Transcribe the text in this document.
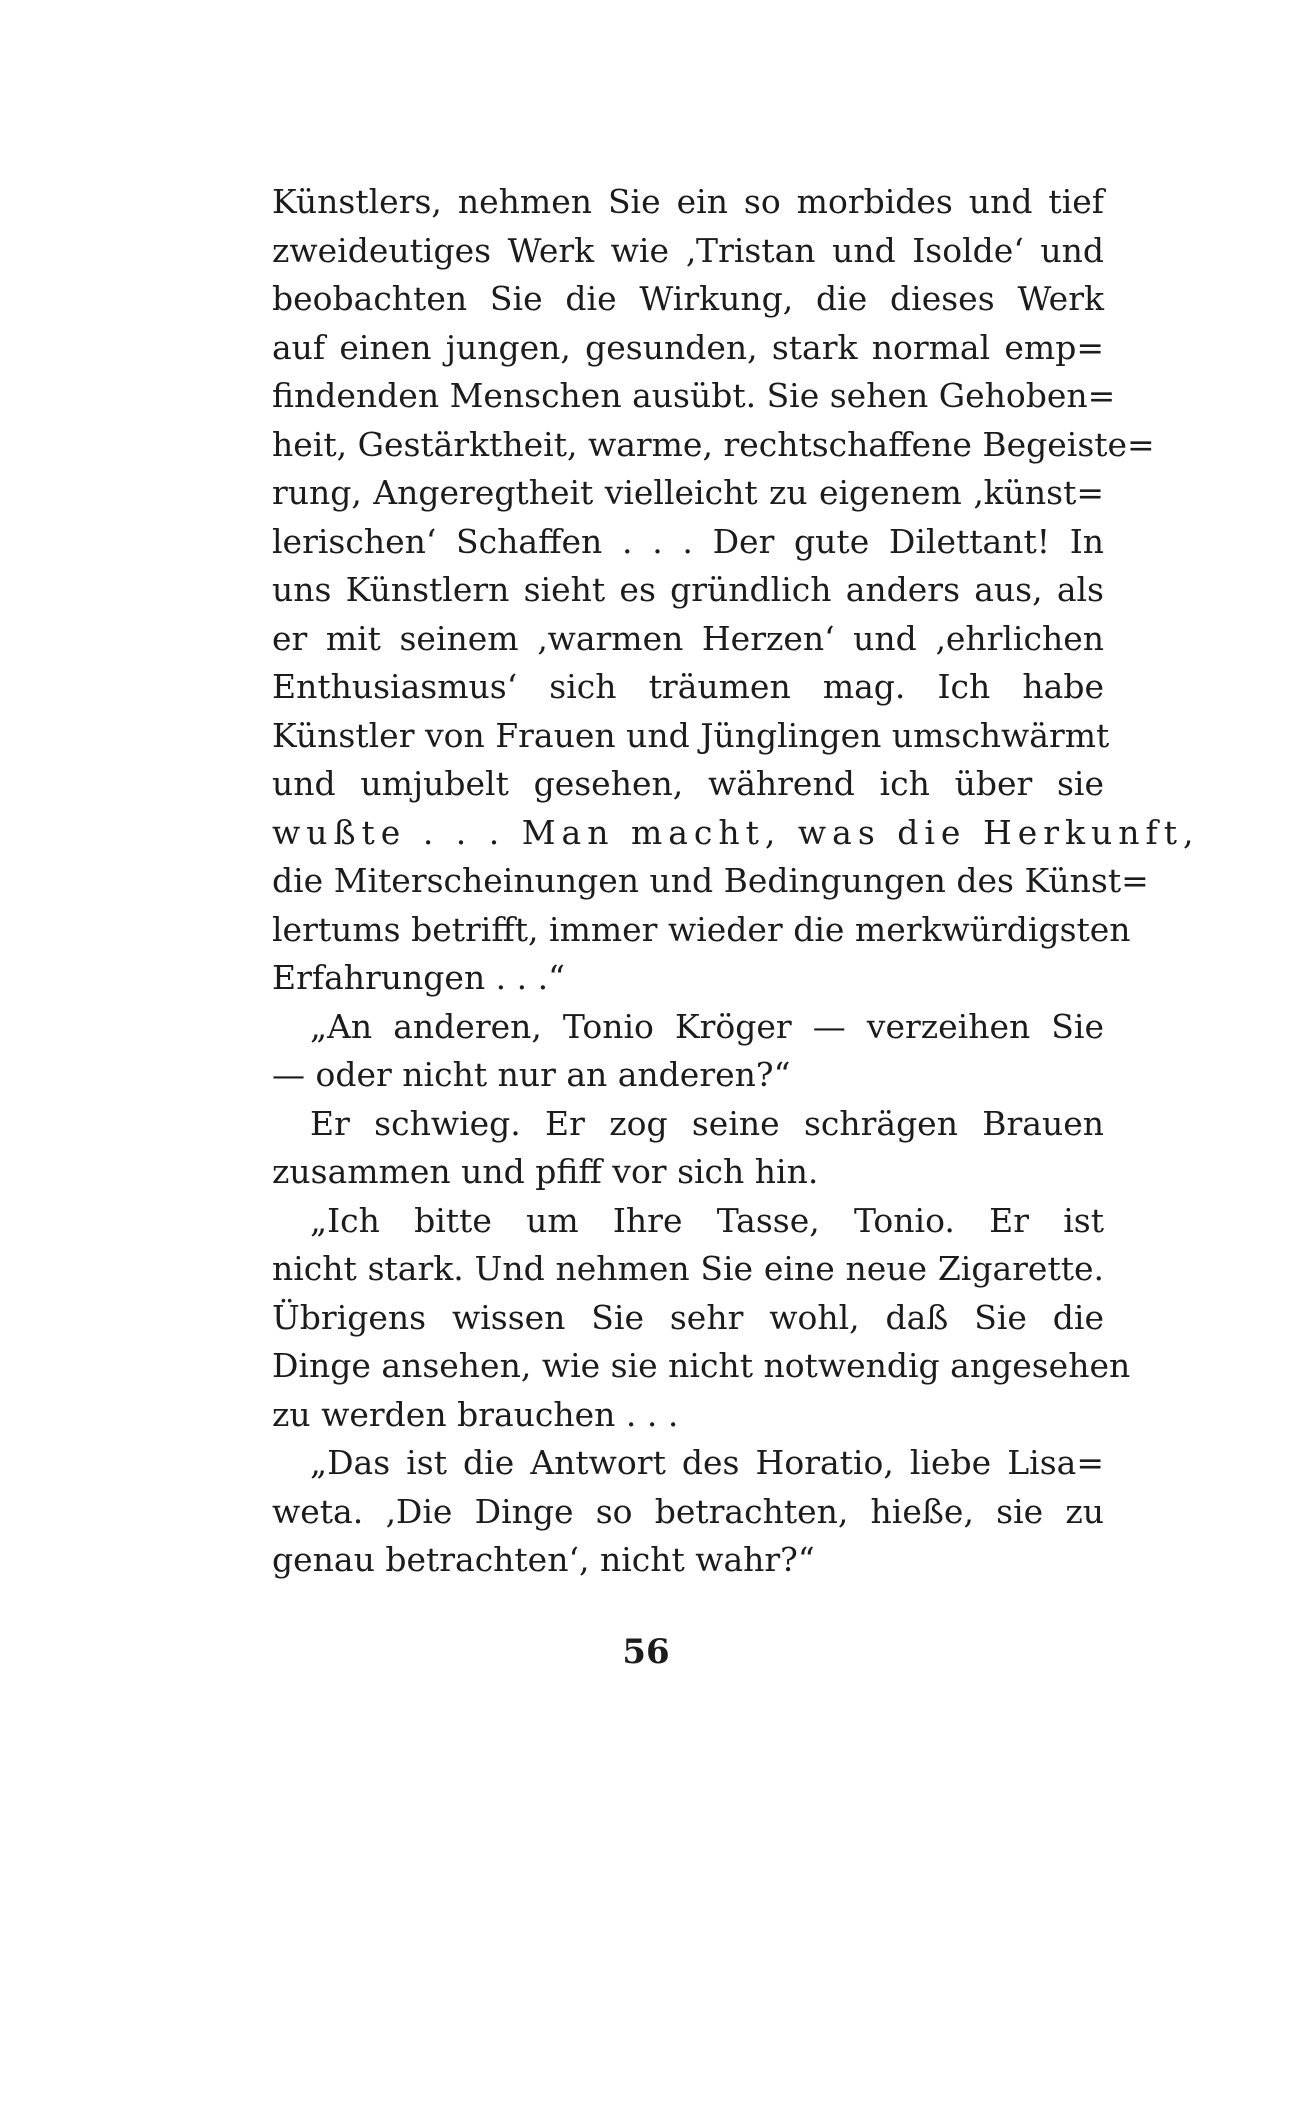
Künstlers, nehmen Sie ein so morbides und tief
zweideutiges Werk wie ‚Tristan und Isolde‘ und
beobachten Sie die Wirkung, die dieses Werk
auf einen jungen, gesunden, stark normal emp=
findenden Menschen ausübt. Sie sehen Gehoben=
heit, Gestärktheit, warme, rechtschaffene Begeiste=
rung, Angeregtheit vielleicht zu eigenem ‚künst=
lerischen‘ Schaffen . . . Der gute Dilettant! In
uns Künstlern sieht es gründlich anders aus, als
er mit seinem ‚warmen Herzen‘ und ‚ehrlichen
Enthusiasmus‘ sich träumen mag. Ich habe
Künstler von Frauen und Jünglingen umschwärmt
und umjubelt gesehen, während ich über sie
wußte . . . Man macht, was die Herkunft,
die Miterscheinungen und Bedingungen des Künst=
lertums betrifft, immer wieder die merkwürdigsten
Erfahrungen . . .“
„An anderen, Tonio Kröger — verzeihen Sie
— oder nicht nur an anderen?“
Er schwieg. Er zog seine schrägen Brauen
zusammen und pfiff vor sich hin.
„Ich bitte um Ihre Tasse, Tonio. Er ist
nicht stark. Und nehmen Sie eine neue Zigarette.
Übrigens wissen Sie sehr wohl, daß Sie die
Dinge ansehen, wie sie nicht notwendig angesehen
zu werden brauchen . . .
„Das ist die Antwort des Horatio, liebe Lisa=
weta. ‚Die Dinge so betrachten, hieße, sie zu
genau betrachten‘, nicht wahr?“
56
